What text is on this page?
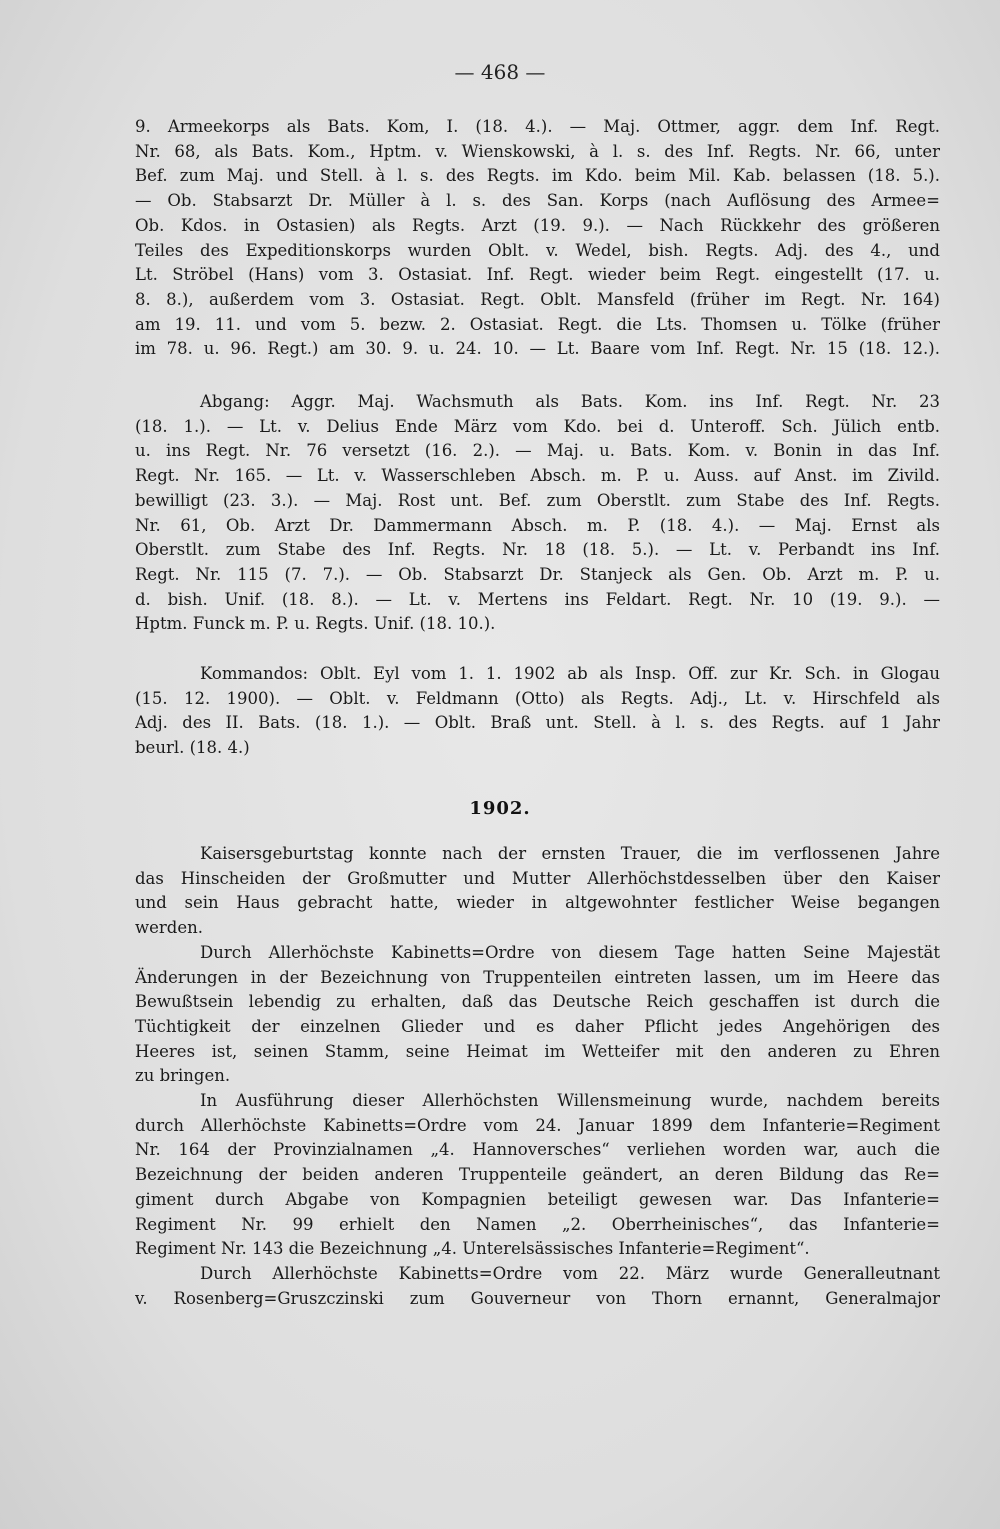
— 468 —
9. Armeekorps als Bats. Kom, I. (18. 4.). — Maj. Ottmer, aggr. dem Inf. Regt.
Nr. 68, als Bats. Kom., Hptm. v. Wienskowski, à l. s. des Inf. Regts. Nr. 66, unter
Bef. zum Maj. und Stell. à l. s. des Regts. im Kdo. beim Mil. Kab. belassen (18. 5.).
— Ob. Stabsarzt Dr. Müller à l. s. des San. Korps (nach Auflösung des Armee=
Ob. Kdos. in Ostasien) als Regts. Arzt (19. 9.). — Nach Rückkehr des größeren
Teiles des Expeditionskorps wurden Oblt. v. Wedel, bish. Regts. Adj. des 4., und
Lt. Ströbel (Hans) vom 3. Ostasiat. Inf. Regt. wieder beim Regt. eingestellt (17. u.
8. 8.), außerdem vom 3. Ostasiat. Regt. Oblt. Mansfeld (früher im Regt. Nr. 164)
am 19. 11. und vom 5. bezw. 2. Ostasiat. Regt. die Lts. Thomsen u. Tölke (früher
im 78. u. 96. Regt.) am 30. 9. u. 24. 10. — Lt. Baare vom Inf. Regt. Nr. 15 (18. 12.).
Abgang: Aggr. Maj. Wachsmuth als Bats. Kom. ins Inf. Regt. Nr. 23
(18. 1.). — Lt. v. Delius Ende März vom Kdo. bei d. Unteroff. Sch. Jülich entb.
u. ins Regt. Nr. 76 versetzt (16. 2.). — Maj. u. Bats. Kom. v. Bonin in das Inf.
Regt. Nr. 165. — Lt. v. Wasserschleben Absch. m. P. u. Auss. auf Anst. im Zivild.
bewilligt (23. 3.). — Maj. Rost unt. Bef. zum Oberstlt. zum Stabe des Inf. Regts.
Nr. 61, Ob. Arzt Dr. Dammermann Absch. m. P. (18. 4.). — Maj. Ernst als
Oberstlt. zum Stabe des Inf. Regts. Nr. 18 (18. 5.). — Lt. v. Perbandt ins Inf.
Regt. Nr. 115 (7. 7.). — Ob. Stabsarzt Dr. Stanjeck als Gen. Ob. Arzt m. P. u.
d. bish. Unif. (18. 8.). — Lt. v. Mertens ins Feldart. Regt. Nr. 10 (19. 9.). —
Hptm. Funck m. P. u. Regts. Unif. (18. 10.).
Kommandos: Oblt. Eyl vom 1. 1. 1902 ab als Insp. Off. zur Kr. Sch. in Glogau
(15. 12. 1900). — Oblt. v. Feldmann (Otto) als Regts. Adj., Lt. v. Hirschfeld als
Adj. des II. Bats. (18. 1.). — Oblt. Braß unt. Stell. à l. s. des Regts. auf 1 Jahr
beurl. (18. 4.)
1902.
Kaisersgeburtstag konnte nach der ernsten Trauer, die im verflossenen Jahre
das Hinscheiden der Großmutter und Mutter Allerhöchstdesselben über den Kaiser
und sein Haus gebracht hatte, wieder in altgewohnter festlicher Weise begangen
werden.
Durch Allerhöchste Kabinetts=Ordre von diesem Tage hatten Seine Majestät
Änderungen in der Bezeichnung von Truppenteilen eintreten lassen, um im Heere das
Bewußtsein lebendig zu erhalten, daß das Deutsche Reich geschaffen ist durch die
Tüchtigkeit der einzelnen Glieder und es daher Pflicht jedes Angehörigen des
Heeres ist, seinen Stamm, seine Heimat im Wetteifer mit den anderen zu Ehren
zu bringen.
In Ausführung dieser Allerhöchsten Willensmeinung wurde, nachdem bereits
durch Allerhöchste Kabinetts=Ordre vom 24. Januar 1899 dem Infanterie=Regiment
Nr. 164 der Provinzialnamen „4. Hannoversches“ verliehen worden war, auch die
Bezeichnung der beiden anderen Truppenteile geändert, an deren Bildung das Re=
giment durch Abgabe von Kompagnien beteiligt gewesen war. Das Infanterie=
Regiment Nr. 99 erhielt den Namen „2. Oberrheinisches“, das Infanterie=
Regiment Nr. 143 die Bezeichnung „4. Unterelsässisches Infanterie=Regiment“.
Durch Allerhöchste Kabinetts=Ordre vom 22. März wurde Generalleutnant
v. Rosenberg=Gruszczinski zum Gouverneur von Thorn ernannt, Generalmajor
